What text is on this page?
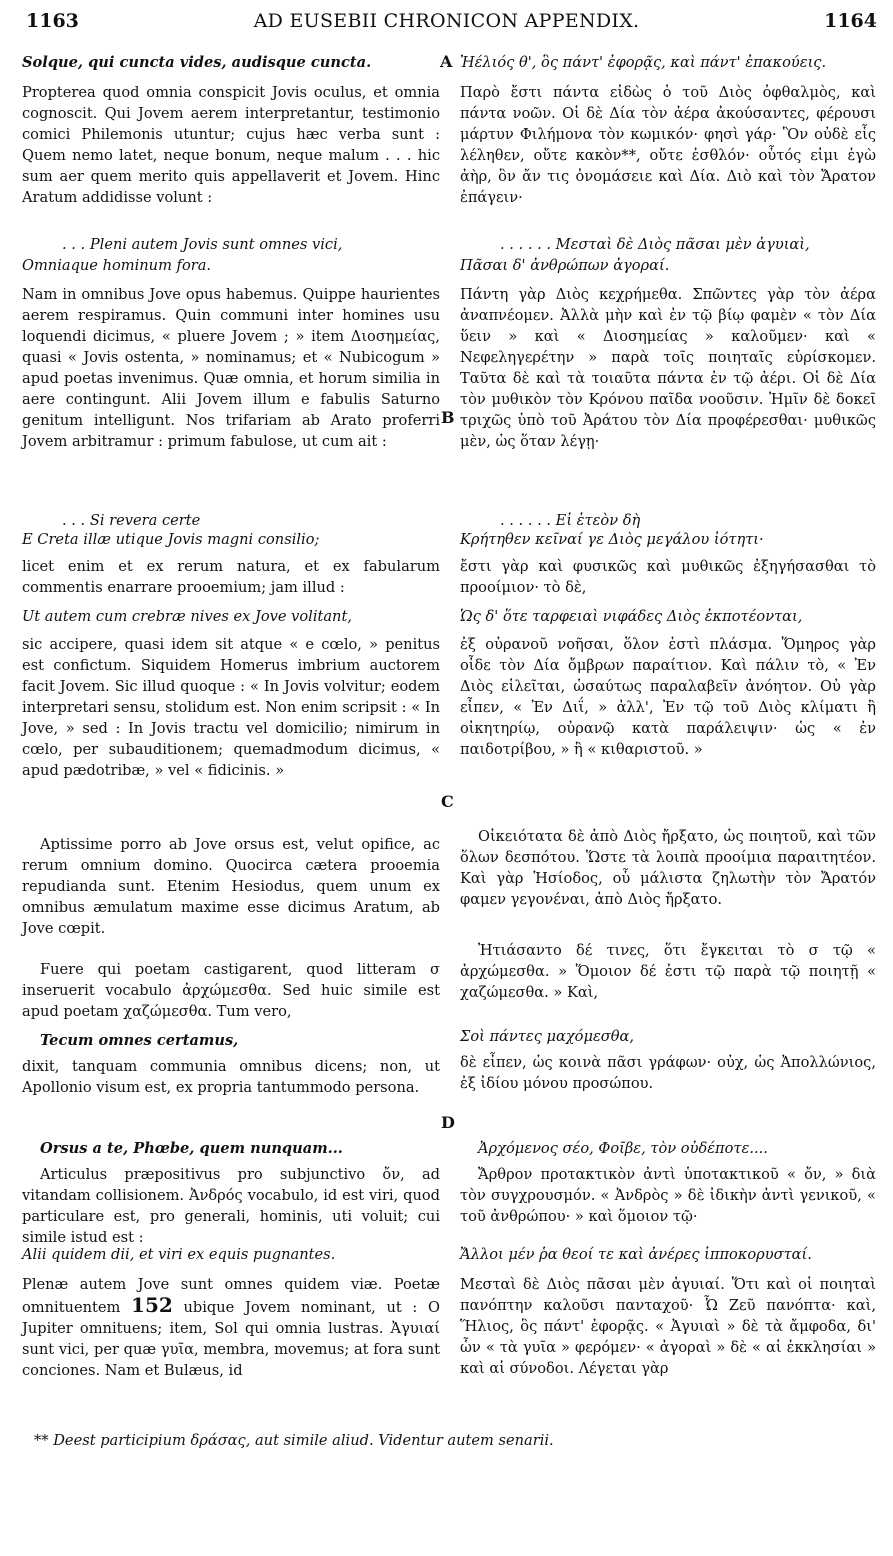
1163	AD EUSEBII CHRONICON APPENDIX.	1164
A
B
C
D

Solque, qui cuncta vides, audisque cuncta.

Propterea quod omnia conspicit Jovis oculus, et omnia cognoscit. Qui Jovem aerem interpretantur, testimonio comici Philemonis utuntur; cujus hæc verba sunt : Quem nemo latet, neque bonum, neque malum . . . hic sum aer quem merito quis appellaverit et Jovem. Hinc Aratum addidisse volunt :

. . . Pleni autem Jovis sunt omnes vici,

Omniaque hominum fora.

Nam in omnibus Jove opus habemus. Quippe haurientes aerem respiramus. Quin communi inter homines usu loquendi dicimus, « pluere Jovem ; » item Διοσημείας, quasi « Jovis ostenta, » nominamus; et « Nubicogum » apud poetas invenimus. Quæ omnia, et horum similia in aere contingunt. Alii Jovem illum e fabulis Saturno genitum intelligunt. Nos trifariam ab Arato proferri Jovem arbitramur : primum fabulose, ut cum ait :

. . . Si revera certe

E Creta illæ utique Jovis magni consilio;

licet enim et ex rerum natura, et ex fabularum commentis enarrare prooemium; jam illud :

Ut autem cum crebræ nives ex Jove volitant,

sic accipere, quasi idem sit atque « e cœlo, » penitus est confictum. Siquidem Homerus imbrium auctorem facit Jovem. Sic illud quoque : « In Jovis volvitur; eodem interpretari sensu, stolidum est. Non enim scripsit : « In Jove, » sed : In Jovis tractu vel domicilio; nimirum in cœlo, per subauditionem; quemadmodum dicimus, « apud pædotribæ, » vel « fidicinis. »

Aptissime porro ab Jove orsus est, velut opifice, ac rerum omnium domino. Quocirca cætera prooemia repudianda sunt. Etenim Hesiodus, quem unum ex omnibus æmulatum maxime esse dicimus Aratum, ab Jove cœpit.

Fuere qui poetam castigarent, quod litteram σ inseruerit vocabulo ἀρχώμεσθα. Sed huic simile est apud poetam χαζώμεσθα. Tum vero,

Tecum omnes certamus,

dixit, tanquam communia omnibus dicens; non, ut Apollonio visum est, ex propria tantummodo persona.

Orsus a te, Phœbe, quem nunquam...

Articulus præpositivus pro subjunctivo ὄν, ad vitandam collisionem. Ἀνδρός vocabulo, id est viri, quod particulare est, pro generali, hominis, uti voluit; cui simile istud est :

Alii quidem dii, et viri ex equis pugnantes.

Plenæ autem Jove sunt omnes quidem viæ. Poetæ omnituentem 152 ubique Jovem nominant, ut : O Jupiter omnituens; item, Sol qui omnia lustras. Ἀγυιαί sunt vici, per quæ γυῖα, membra, movemus; at fora sunt conciones. Nam et Bulæus, id

Ἠέλιός θ', ὃς πάντ' ἐφορᾷς, καὶ πάντ' ἐπακούεις.

Παρὸ ἔστι πάντα εἰδὼς ὁ τοῦ Διὸς ὀφθαλμὸς, καὶ πάντα νοῶν. Οἱ δὲ Δία τὸν ἀέρα ἀκούσαντες, φέρουσι μάρτυν Φιλήμονα τὸν κωμικόν· φησὶ γάρ· Ὃν οὐδὲ εἷς λέληθεν, οὔτε κακὸν**, οὔτε ἐσθλόν· οὗτός εἰμι ἐγὼ ἀὴρ, ὃν ἄν τις ὀνομάσειε καὶ Δία. Διὸ καὶ τὸν Ἄρατον ἐπάγειν·

. . . . . . Μεσταὶ δὲ Διὸς πᾶσαι μὲν ἀγυιαὶ,

Πᾶσαι δ' ἀνθρώπων ἀγοραί.

Πάντη γὰρ Διὸς κεχρήμεθα. Σπῶντες γὰρ τὸν ἀέρα ἀναπνέομεν. Ἀλλὰ μὴν καὶ ἐν τῷ βίῳ φαμὲν « τὸν Δία ὕειν » καὶ « Διοσημείας » καλοῦμεν· καὶ « Νεφεληγερέτην » παρὰ τοῖς ποιηταῖς εὑρίσκομεν. Ταῦτα δὲ καὶ τὰ τοιαῦτα πάντα ἐν τῷ ἀέρι. Οἱ δὲ Δία τὸν μυθικὸν τὸν Κρόνου παῖδα νοοῦσιν. Ἡμῖν δὲ δοκεῖ τριχῶς ὑπὸ τοῦ Ἀράτου τὸν Δία προφέρεσθαι· μυθικῶς μὲν, ὡς ὅταν λέγῃ·

. . . . . . Εἰ ἐτεὸν δὴ

Κρήτηθεν κεῖναί γε Διὸς μεγάλου ἰότητι·

ἔστι γὰρ καὶ φυσικῶς καὶ μυθικῶς ἐξηγήσασθαι τὸ προοίμιον· τὸ δὲ,

Ὡς δ' ὅτε ταρφειαὶ νιφάδες Διὸς ἐκποτέονται,

ἐξ οὐρανοῦ νοῆσαι, ὅλον ἐστὶ πλάσμα. Ὅμηρος γὰρ οἶδε τὸν Δία ὄμβρων παραίτιον. Καὶ πάλιν τὸ, « Ἐν Διὸς εἱλεῖται, ὡσαύτως παραλαβεῖν ἀνόητον. Οὐ γὰρ εἶπεν, « Ἐν Διΐ, » ἀλλ', Ἐν τῷ τοῦ Διὸς κλίματι ἢ οἰκητηρίῳ, οὐρανῷ κατὰ παράλειψιν· ὡς « ἐν παιδοτρίβου, » ἢ « κιθαριστοῦ. »

Οἰκειότατα δὲ ἀπὸ Διὸς ἤρξατο, ὡς ποιητοῦ, καὶ τῶν ὅλων δεσπότου. Ὥστε τὰ λοιπὰ προοίμια παραιτητέον. Καὶ γὰρ Ἡσίοδος, οὗ μάλιστα ζηλωτὴν τὸν Ἄρατόν φαμεν γεγονέναι, ἀπὸ Διὸς ἤρξατο.

Ἠτιάσαντο δέ τινες, ὅτι ἔγκειται τὸ σ τῷ « ἀρχώμεσθα. » Ὅμοιον δέ ἐστι τῷ παρὰ τῷ ποιητῇ « χαζώμεσθα. » Καὶ,

Σοὶ πάντες μαχόμεσθα,

δὲ εἶπεν, ὡς κοινὰ πᾶσι γράφων· οὐχ, ὡς Ἀπολλώνιος, ἐξ ἰδίου μόνου προσώπου.

Ἀρχόμενος σέο, Φοῖβε, τὸν οὐδέποτε....

Ἄρθρον προτακτικὸν ἀντὶ ὑποτακτικοῦ « ὄν, » διὰ τὸν συγχρουσμόν. « Ἀνδρὸς » δὲ ἰδικὴν ἀντὶ γενικοῦ, « τοῦ ἀνθρώπου· » καὶ ὅμοιον τῷ·

Ἄλλοι μέν ῥα θεοί τε καὶ ἀνέρες ἱπποκορυσταί.

Μεσταὶ δὲ Διὸς πᾶσαι μὲν ἀγυιαί. Ὅτι καὶ οἱ ποιηταὶ πανόπτην καλοῦσι πανταχοῦ· Ὦ Ζεῦ πανόπτα· καὶ, Ἥλιος, ὃς πάντ' ἐφορᾷς. « Ἀγυιαὶ » δὲ τὰ ἄμφοδα, δι' ὧν « τὰ γυῖα » φερόμεν· « ἀγοραὶ » δὲ « αἱ ἐκκλησίαι » καὶ αἱ σύνοδοι. Λέγεται γὰρ

** Deest participium δράσας, aut simile aliud. Videntur autem senarii.
